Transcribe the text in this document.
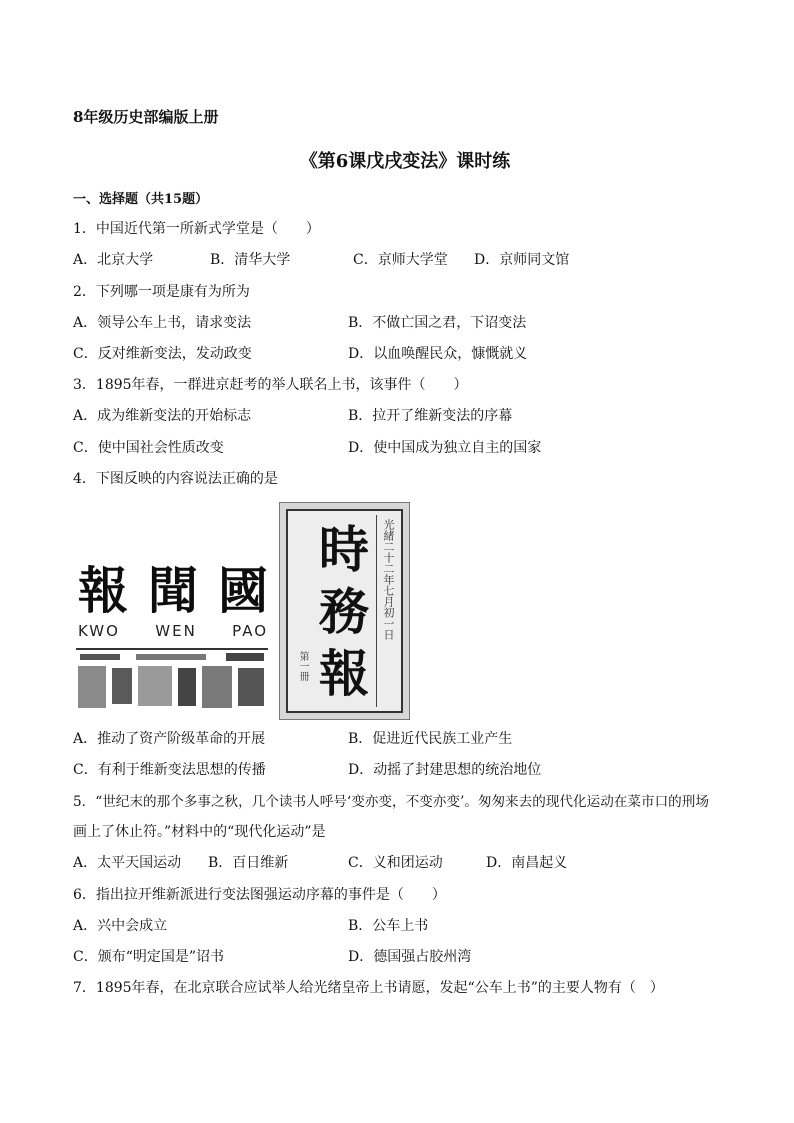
8年级历史部编版上册
《第6课戊戌变法》课时练
一、选择题（共15题）
1．中国近代第一所新式学堂是（　　）
A．北京大学	B．清华大学	C．京师大学堂 D．京师同文馆
2．下列哪一项是康有为所为
A．领导公车上书，请求变法	B．不做亡国之君，下诏变法
C．反对维新变法，发动政变	D．以血唤醒民众，慷慨就义
3．1895年春，一群进京赶考的举人联名上书，该事件（　　）
A．成为维新变法的开始标志	B．拉开了维新变法的序幕
C．使中国社会性质改变	D．使中国成为独立自主的国家
4．下图反映的内容说法正确的是
報 聞 國
KWO WEN PAO
時
務
報
光緒二十二年七月初一日
第一冊
A．推动了资产阶级革命的开展	B．促进近代民族工业产生
C．有利于维新变法思想的传播	D．动摇了封建思想的统治地位
5．“世纪末的那个多事之秋，几个读书人呼号‘变亦变，不变亦变’。匆匆来去的现代化运动在菜市口的刑场
画上了休止符。”材料中的“现代化运动”是
A．太平天国运动 B．百日维新	C．义和团运动	D．南昌起义
6．指出拉开维新派进行变法图强运动序幕的事件是（　　）
A．兴中会成立	B．公车上书
C．颁布“明定国是”诏书	D．德国强占胶州湾
7．1895年春，在北京联合应试举人给光绪皇帝上书请愿，发起“公车上书”的主要人物有（　）
